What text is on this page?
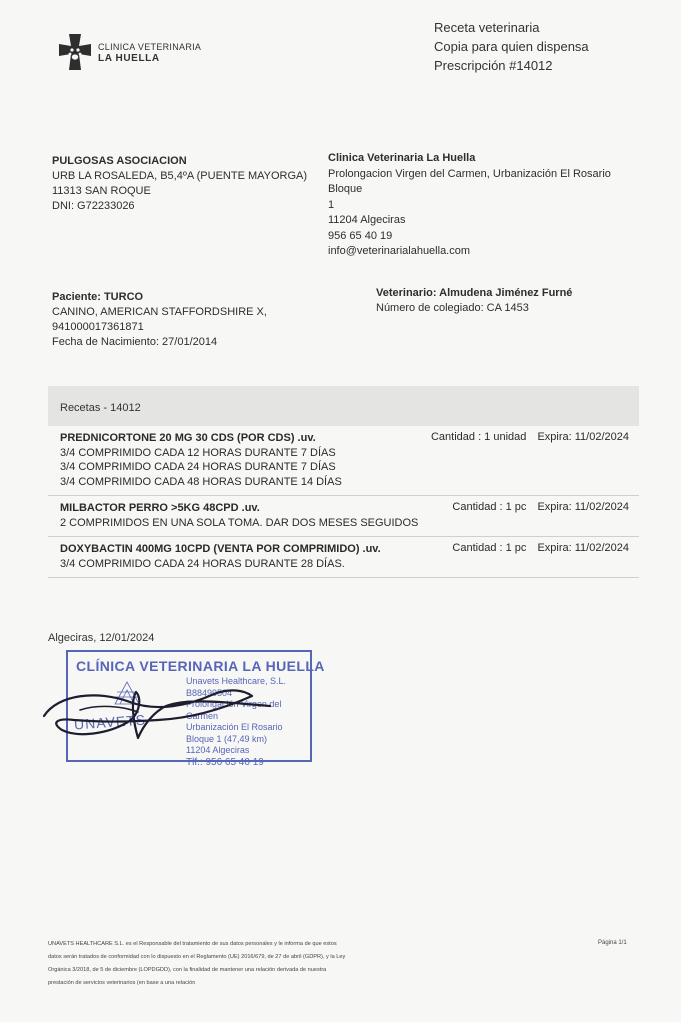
CLINICA VETERINARIA
LA HUELLA
Receta veterinaria
Copia para quien dispensa
Prescripción #14012
PULGOSAS ASOCIACION
URB LA ROSALEDA, B5,4ºA (PUENTE MAYORGA)
11313 SAN ROQUE
DNI: G72233026
Clinica Veterinaria La Huella
Prolongacion Virgen del Carmen, Urbanización El Rosario Bloque
1
11204 Algeciras
956 65 40 19
info@veterinarialahuella.com
Paciente: TURCO
CANINO, AMERICAN STAFFORDSHIRE X,
941000017361871
Fecha de Nacimiento: 27/01/2014
Veterinario: Almudena Jiménez Furné
Número de colegiado: CA 1453
Recetas - 14012
PREDNICORTONE 20 MG 30 CDS (POR CDS) .uv.	Cantidad : 1 unidad Expira: 11/02/2024
3/4 COMPRIMIDO CADA 12 HORAS DURANTE 7 DÍAS
3/4 COMPRIMIDO CADA 24 HORAS DURANTE 7 DÍAS
3/4 COMPRIMIDO CADA 48 HORAS DURANTE 14 DÍAS
MILBACTOR PERRO >5KG 48CPD .uv.	Cantidad : 1 pc Expira: 11/02/2024
2 COMPRIMIDOS EN UNA SOLA TOMA. DAR DOS MESES SEGUIDOS
DOXYBACTIN 400MG 10CPD (VENTA POR COMPRIMIDO) .uv.	Cantidad : 1 pc Expira: 11/02/2024
3/4 COMPRIMIDO CADA 24 HORAS DURANTE 28 DÍAS.
Algeciras, 12/01/2024
CLÍNICA VETERINARIA LA HUELLA
Unavets Healthcare, S.L.
B88499504
Prolongación Virgen del Carmen
Urbanización El Rosario Bloque 1 (47,49 km)
11204 Algeciras
Tlf.: 956 65 40 19
UNAVETS
UNAVETS HEALTHCARE S.L. es el Responsable del tratamiento de sus datos personales y le informa de que estos datos serán tratados de conformidad con lo dispuesto en el Reglamento (UE) 2016/679, de 27 de abril (GDPR), y la Ley Orgánica 3/2018, de 5 de diciembre (LOPDGDD), con la finalidad de mantener una relación derivada de nuestra prestación de servicios veterinarios (en base a una relación
Página 1/1
